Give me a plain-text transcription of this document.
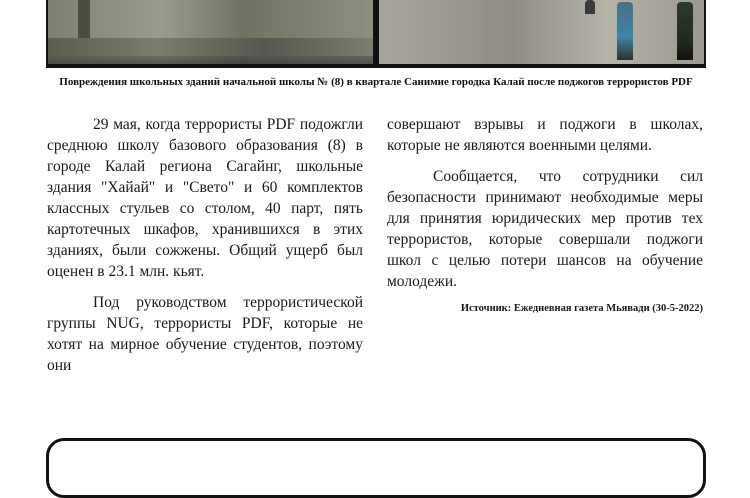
Повреждения школьных зданий начальной школы № (8) в квартале Санимие городка Калай после поджогов террористов PDF

29 мая, когда террористы PDF подожгли среднюю школу базового образования (8) в городе Калай региона Сагайнг, школьные здания "Хайай" и "Свето" и 60 комплектов классных стульев со столом, 40 парт, пять картотечных шкафов, хранившихся в этих зданиях, были сожжены. Общий ущерб был оценен в 23.1 млн. кьят.

Под руководством террористической группы NUG, террористы PDF, которые не хотят на мирное обучение студентов, поэтому они

совершают взрывы и поджоги в школах, которые не являются военными целями.

Сообщается, что сотрудники сил безопасности принимают необходимые меры для принятия юридических мер против тех террористов, которые совершали поджоги школ с целью потери шансов на обучение молодежи.

Источник: Ежедневная газета Мьявади (30-5-2022)
